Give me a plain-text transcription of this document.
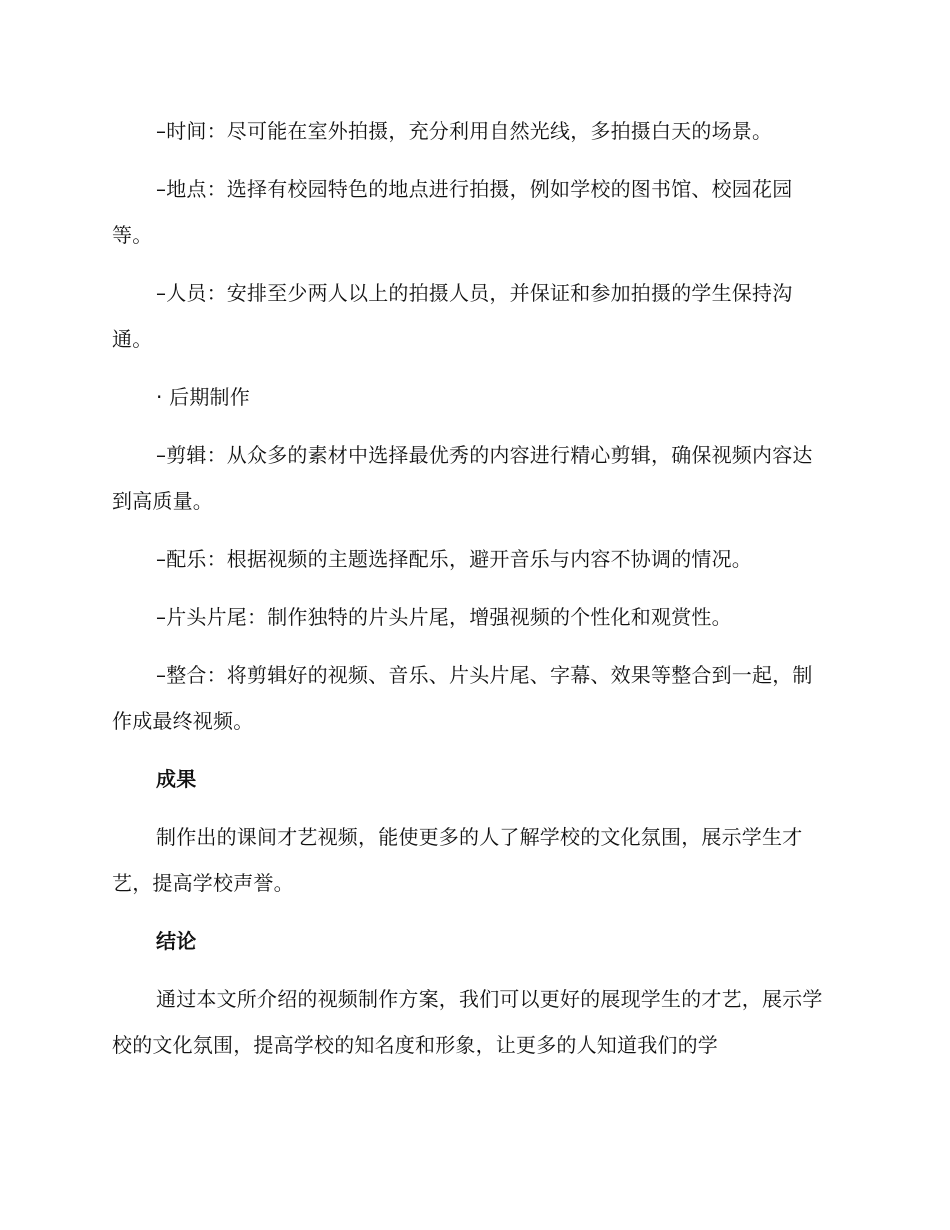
–时间：尽可能在室外拍摄，充分利用自然光线，多拍摄白天的场景。

–地点：选择有校园特色的地点进行拍摄，例如学校的图书馆、校园花园等。

–人员：安排至少两人以上的拍摄人员，并保证和参加拍摄的学生保持沟通。

· 后期制作

–剪辑：从众多的素材中选择最优秀的内容进行精心剪辑，确保视频内容达到高质量。

–配乐：根据视频的主题选择配乐，避开音乐与内容不协调的情况。

–片头片尾：制作独特的片头片尾，增强视频的个性化和观赏性。

–整合：将剪辑好的视频、音乐、片头片尾、字幕、效果等整合到一起，制作成最终视频。

成果

制作出的课间才艺视频，能使更多的人了解学校的文化氛围，展示学生才艺，提高学校声誉。

结论

通过本文所介绍的视频制作方案，我们可以更好的展现学生的才艺，展示学校的文化氛围，提高学校的知名度和形象，让更多的人知道我们的学
